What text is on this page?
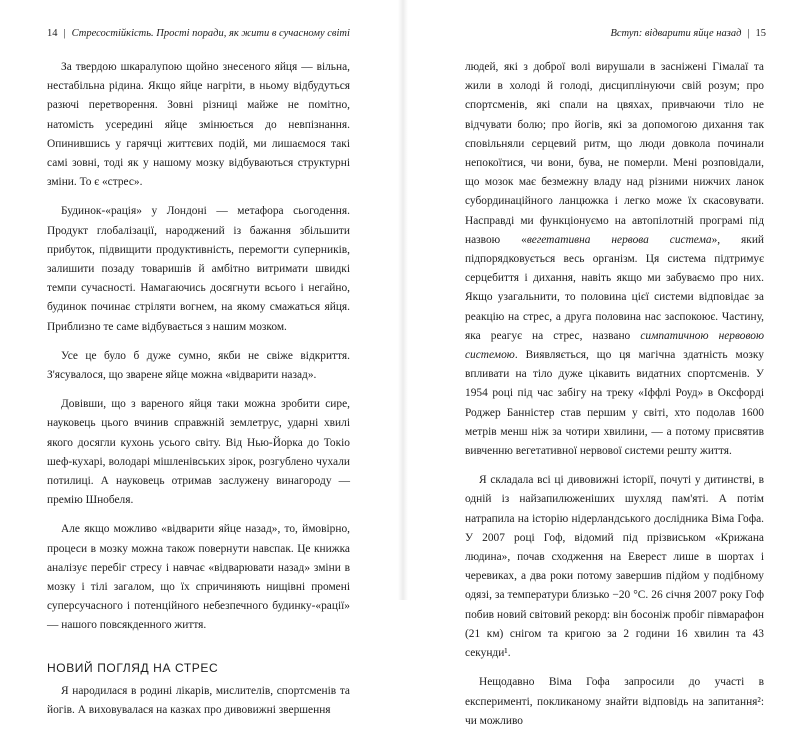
14 | Стресостійкість. Прості поради, як жити в сучасному світі

За твердою шкаралупою щойно знесеного яйця — вільна, нестабільна рідина. Якщо яйце нагріти, в ньому відбудуться разючі перетворення. Зовні різниці майже не помітно, натомість усередині яйце змінюється до невпізнання. Опинившись у гарячці життєвих подій, ми лишаємося такі самі зовні, тоді як у нашому мозку відбуваються структурні зміни. То є «стрес».

Будинок-«рація» у Лондоні — метафора сьогодення. Продукт глобалізації, народжений із бажання збільшити прибуток, підвищити продуктивність, перемогти суперників, залишити позаду товаришів й амбітно витримати швидкі темпи сучасності. Намагаючись досягнути всього і негайно, будинок починає стріляти вогнем, на якому смажаться яйця. Приблизно те саме відбувається з нашим мозком.

Усе це було б дуже сумно, якби не свіже відкриття. З'ясувалося, що зварене яйце можна «відварити назад».

Довівши, що з вареного яйця таки можна зробити сире, науковець цього вчинив справжній землетрус, ударні хвилі якого досягли кухонь усього світу. Від Нью-Йорка до Токіо шеф-кухарі, володарі мішленівських зірок, розгублено чухали потилиці. А науковець отримав заслужену винагороду — премію Шнобеля.

Але якщо можливо «відварити яйце назад», то, ймовірно, процеси в мозку можна також повернути навспак. Це книжка аналізує перебіг стресу і навчає «відварювати назад» зміни в мозку і тілі загалом, що їх спричиняють нищівні промені суперсучасного і потенційного небезпечного будинку-«рації» — нашого повсякденного життя.

НОВИЙ ПОГЛЯД НА СТРЕС

Я народилася в родині лікарів, мислителів, спортсменів та йогів. А виховувалася на казках про дивовижні звершення

Вступ: відварити яйце назад | 15

людей, які з доброї волі вирушали в засніжені Гімалаї та жили в холоді й голоді, дисциплінуючи свій розум; про спортсменів, які спали на цвяхах, привчаючи тіло не відчувати болю; про йогів, які за допомогою дихання так сповільняли серцевий ритм, що люди довкола починали непокоїтися, чи вони, бува, не померли. Мені розповідали, що мозок має безмежну владу над різними нижчих ланок субординаційного ланцюжка і легко може їх скасовувати. Насправді ми функціонуємо на автопілотній програмі під назвою «вегетативна нервова система», який підпорядковується весь організм. Ця система підтримує серцебиття і дихання, навіть якщо ми забуваємо про них. Якщо узагальнити, то половина цієї системи відповідає за реакцію на стрес, а друга половина нас заспокоює. Частину, яка реагує на стрес, названо симпатичною нервовою системою. Виявляється, що ця магічна здатність мозку впливати на тіло дуже цікавить видатних спортсменів. У 1954 році під час забігу на треку «Іффлі Роуд» в Оксфорді Роджер Банністер став першим у світі, хто подолав 1600 метрів менш ніж за чотири хвилини, — а потому присвятив вивченню вегетативної нервової системи решту життя.

Я складала всі ці дивовижні історії, почуті у дитинстві, в одній із найзапилюженіших шухляд пам'яті. А потім натрапила на історію нідерландського дослідника Віма Гофа. У 2007 році Гоф, відомий під прізвиськом «Крижана людина», почав сходження на Еверест лише в шортах і черевиках, а два роки потому завершив підйом у подібному одязі, за температури близько −20 °C. 26 січня 2007 року Гоф побив новий світовий рекорд: він босоніж пробіг півмарафон (21 км) снігом та кригою за 2 години 16 хвилин та 43 секунди¹.

Нещодавно Віма Гофа запросили до участі в експерименті, покликаному знайти відповідь на запитання²: чи можливо
